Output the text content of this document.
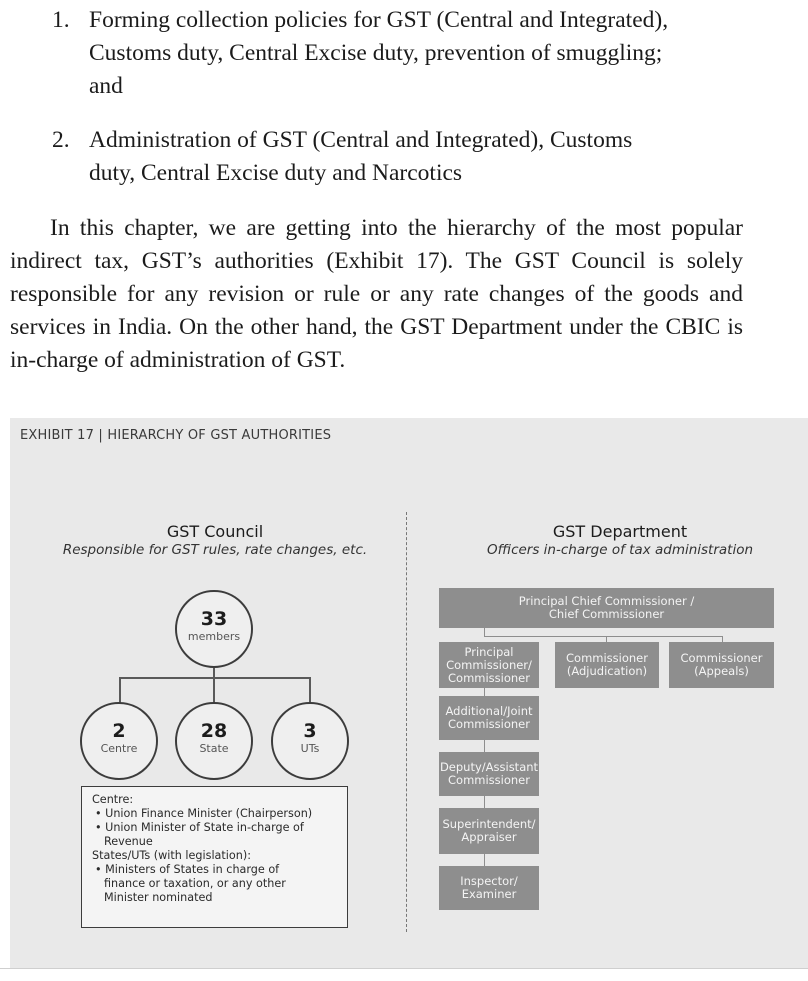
1. Forming collection policies for GST (Central and Integrated),
Customs duty, Central Excise duty, prevention of smuggling;
and
2. Administration of GST (Central and Integrated), Customs
duty, Central Excise duty and Narcotics
In this chapter, we are getting into the hierarchy of the most popular indirect tax, GST’s authorities (Exhibit 17). The GST Council is solely responsible for any revision or rule or any rate changes of the goods and services in India. On the other hand, the GST Department under the CBIC is in-charge of administration of GST.
EXHIBIT 17 | HIERARCHY OF GST AUTHORITIES
GST Council
Responsible for GST rules, rate changes, etc.
33
members
2
Centre
28
State
3
UTs
Centre:
• Union Finance Minister (Chairperson)
• Union Minister of State in-charge of
Revenue
States/UTs (with legislation):
• Ministers of States in charge of
finance or taxation, or any other
Minister nominated
GST Department
Officers in-charge of tax administration
Principal Chief Commissioner /
Chief Commissioner
Principal
Commissioner/
Commissioner
Commissioner
(Adjudication)
Commissioner
(Appeals)
Additional/Joint
Commissioner
Deputy/Assistant
Commissioner
Superintendent/
Appraiser
Inspector/
Examiner
